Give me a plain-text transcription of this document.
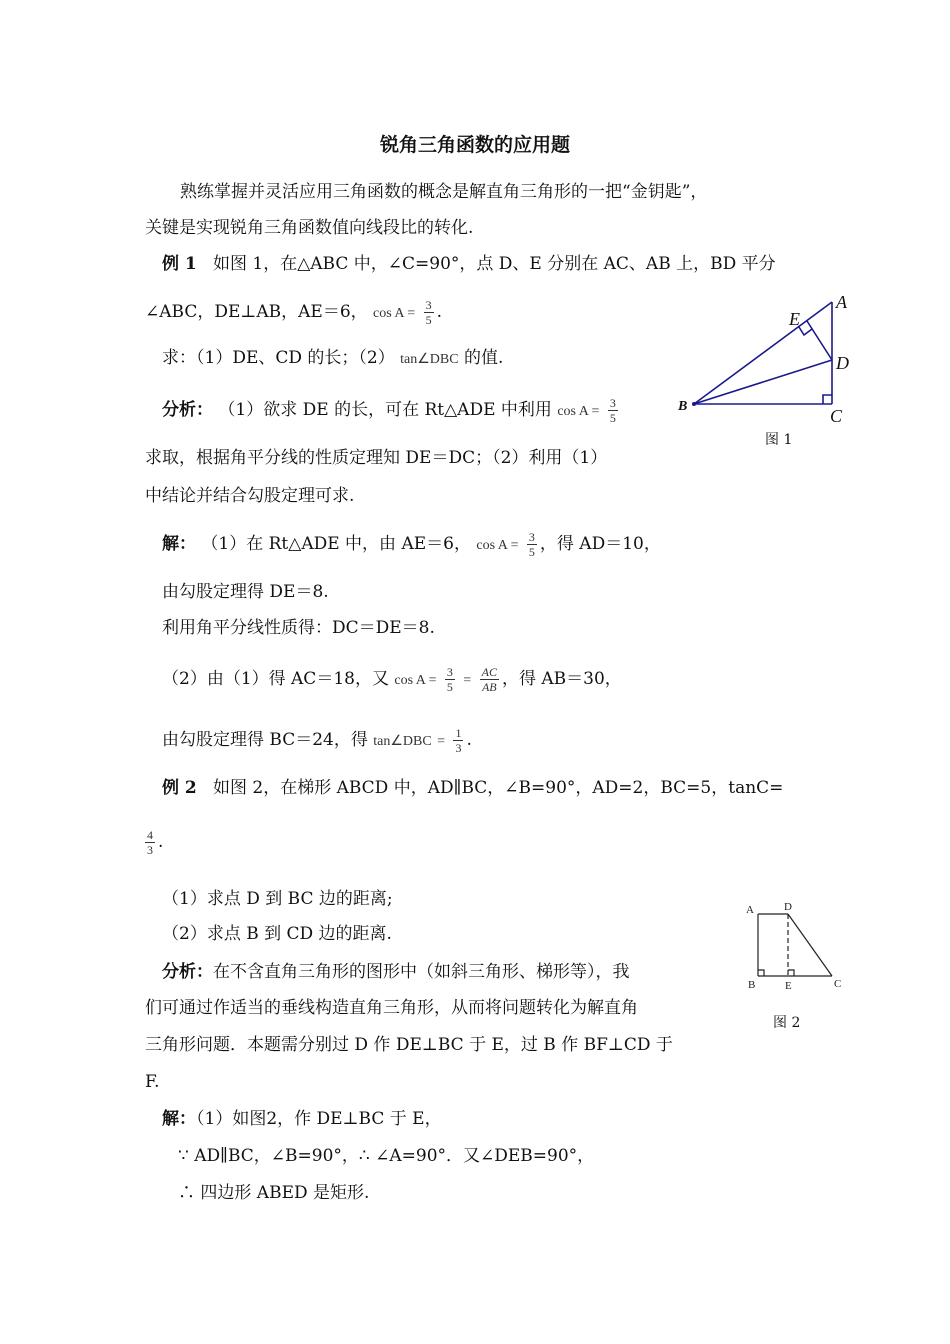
锐角三角函数的应用题
熟练掌握并灵活应用三角函数的概念是解直角三角形的一把“金钥匙”，
关键是实现锐角三角函数值向线段比的转化.
例 1 如图 1，在△ABC 中，∠C=90°，点 D、E 分别在 AC、AB 上，BD 平分
∠ABC，DE⊥AB，AE＝6， $\cos A = \frac{3}{5}$ .
求：（1）DE、CD 的长；（2） tan∠DBC 的值.
分析： （1）欲求 DE 的长，可在 Rt△ADE 中利用 $\cos A = \frac{3}{5}$
求取，根据角平分线的性质定理知 DE＝DC；（2）利用（1）
中结论并结合勾股定理可求.
解： （1）在 Rt△ADE 中，由 AE＝6， $\cos A = \frac{3}{5}$ ，得 AD＝10，
由勾股定理得 DE＝8.
利用角平分线性质得：DC＝DE＝8.
（2）由（1）得 AC＝18，又 $\cos A = \frac{3}{5} = \frac{AC}{AB}$ ，得 AB＝30，
由勾股定理得 BC＝24，得 tan∠DBC = $\frac{1}{3}$ .
例 2 如图 2，在梯形 ABCD 中，AD∥BC，∠B=90°，AD=2，BC=5，tanC=
$\frac{4}{3}$ .
（1）求点 D 到 BC 边的距离;
（2）求点 B 到 CD 边的距离.
分析：在不含直角三角形的图形中（如斜三角形、梯形等），我
们可通过作适当的垂线构造直角三角形，从而将问题转化为解直角
三角形问题．本题需分别过 D 作 DE⊥BC 于 E，过 B 作 BF⊥CD 于
F.
解：（1）如图2，作 DE⊥BC 于 E，
∵ AD∥BC，∠B=90°，∴ ∠A=90°．又∠DEB=90°，
∴ 四边形 ABED 是矩形.
A
B	C
D
E
图 1
A	D
B	E	C
图 2
